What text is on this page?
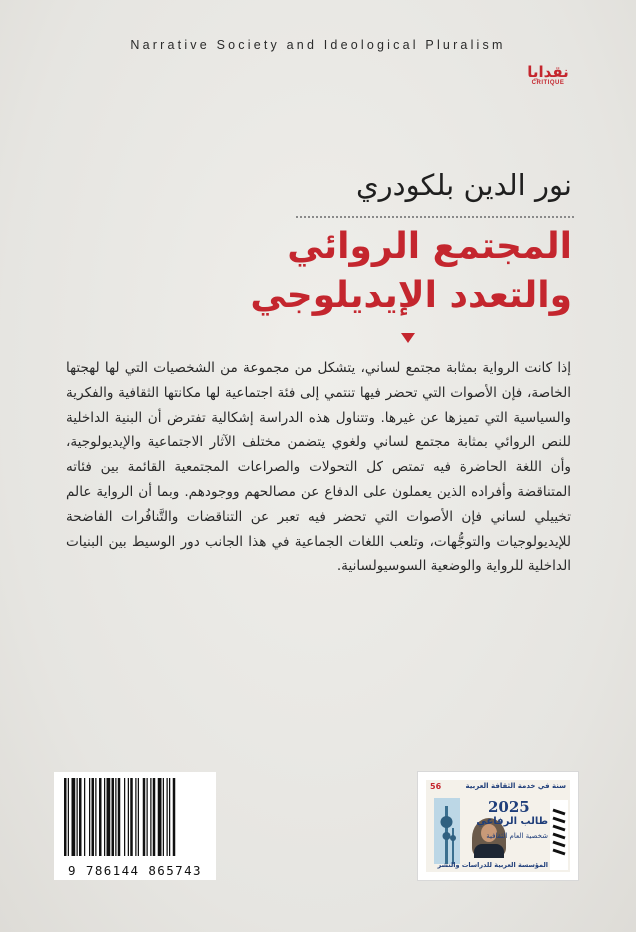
Narrative Society and Ideological Pluralism
نقدايا
CRITIQUE
نور الدين بلكودري
المجتمع الروائي
والتعدد الإيديلوجي
إذا كانت الرواية بمثابة مجتمع لساني، يتشكل من مجموعة من الشخصيات التي لها لهجتها الخاصة، فإن الأصوات التي تحضر فيها تنتمي إلى فئة اجتماعية لها مكانتها الثقافية والفكرية والسياسية التي تميزها عن غيرها. وتتناول هذه الدراسة إشكالية تفترض أن البنية الداخلية للنص الروائي بمثابة مجتمع لساني ولغوي يتضمن مختلف الآثار الاجتماعية والإيديولوجية، وأن اللغة الحاضرة فيه تمتص كل التحولات والصراعات المجتمعية القائمة بين فئاته المتناقضة وأفراده الذين يعملون على الدفاع عن مصالحهم ووجودهم. وبما أن الرواية عالم تخييلي لساني فإن الأصوات التي تحضر فيه تعبر عن التناقضات والتَّنافُرات الفاضحة للإيديولوجيات والتوجُّهات، وتلعب اللغات الجماعية في هذا الجانب دور الوسيط بين البنيات الداخلية للرواية والوضعية السوسيولسانية.
9 786144 865743
56	سنة في خدمة الثقافة العربية
2025
طالب الرفاعي
شخصية العام الثقافية
المؤسسة العربية للدراسات والنشر
